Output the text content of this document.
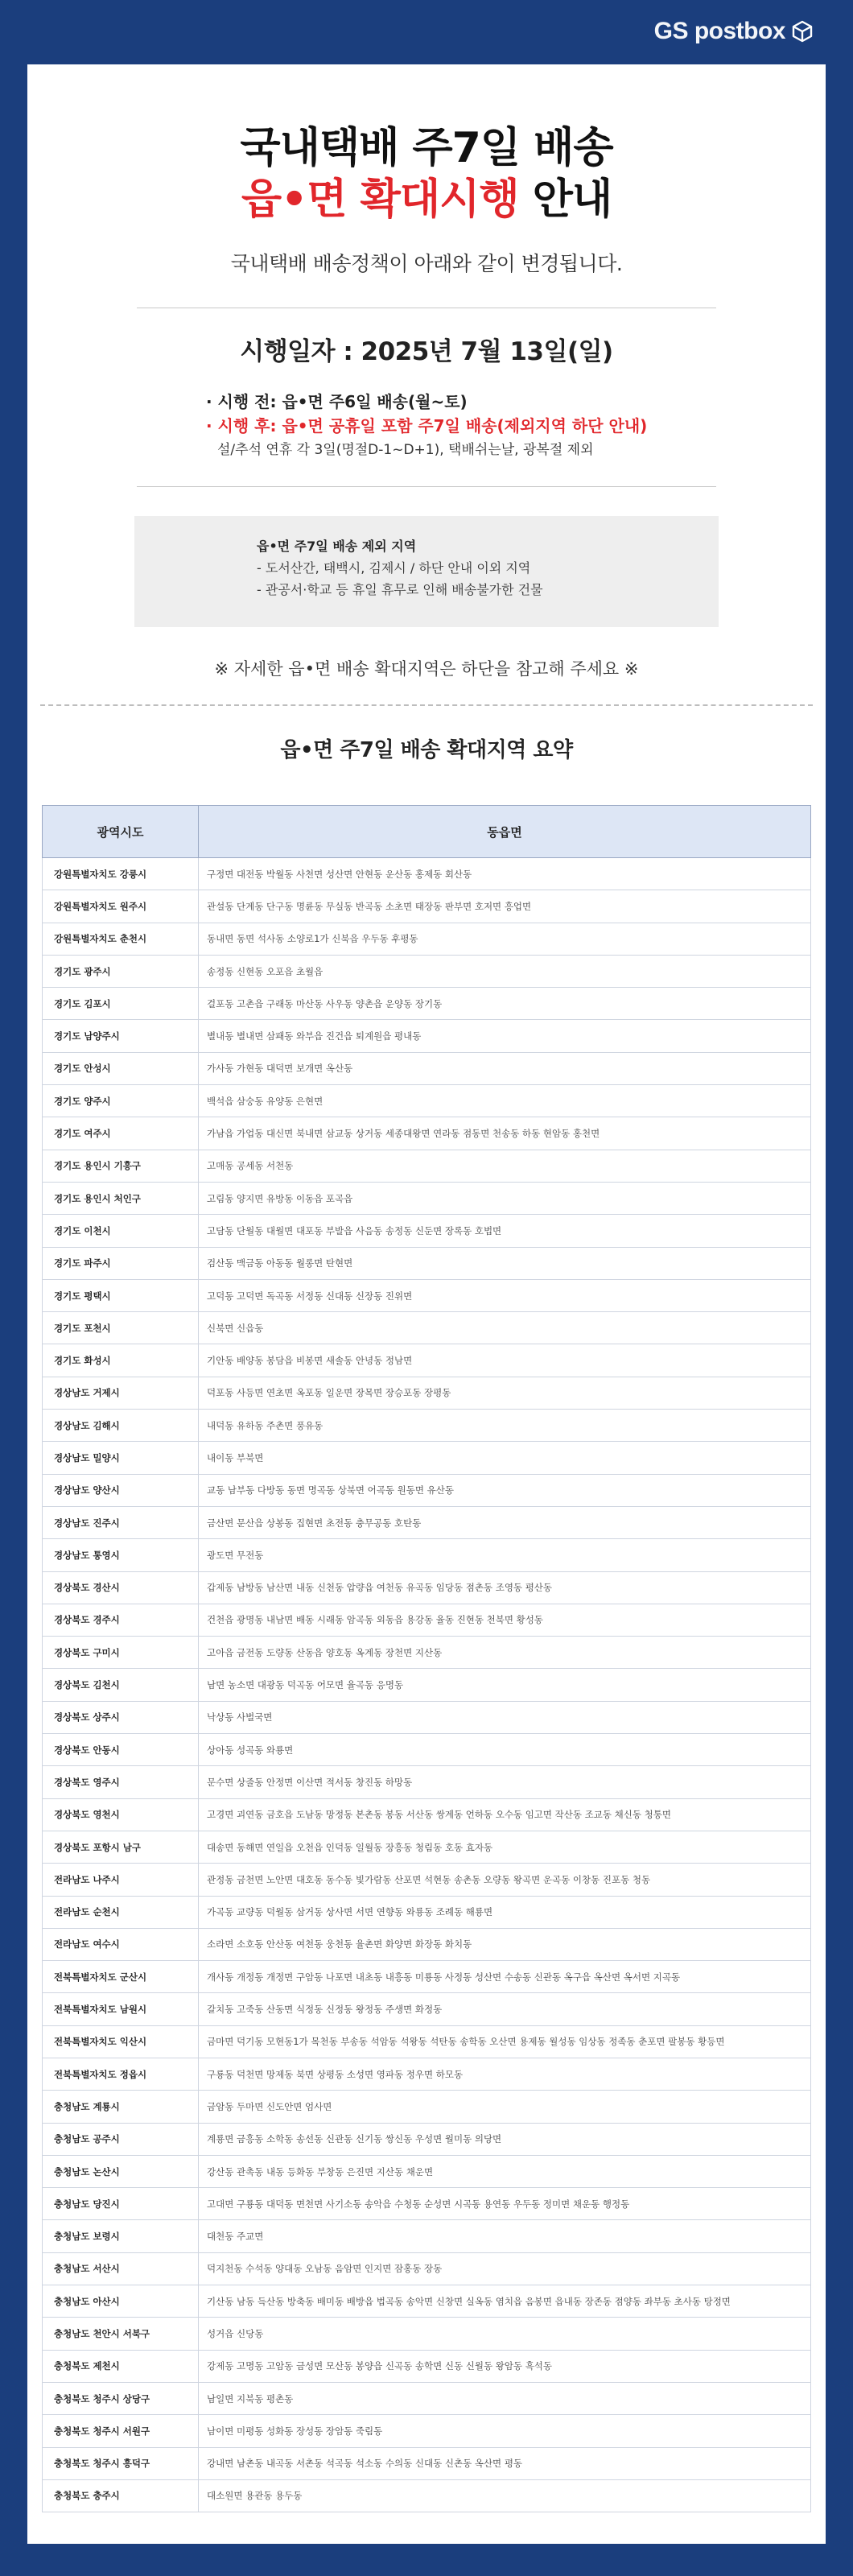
GS postbox
국내택배 주7일 배송
읍•면 확대시행 안내
국내택배 배송정책이 아래와 같이 변경됩니다.
시행일자 : 2025년 7월 13일(일)
· 시행 전: 읍•면 주6일 배송(월~토)
· 시행 후: 읍•면 공휴일 포함 주7일 배송(제외지역 하단 안내)
설/추석 연휴 각 3일(명절D-1~D+1), 택배쉬는날, 광복절 제외
읍•면 주7일 배송 제외 지역
- 도서산간, 태백시, 김제시 / 하단 안내 이외 지역
- 관공서·학교 등 휴일 휴무로 인해 배송불가한 건물
※ 자세한 읍•면 배송 확대지역은 하단을 참고해 주세요 ※
읍•면 주7일 배송 확대지역 요약
광역시도	동읍면
강원특별자치도 강릉시	구정면 대전동 박월동 사천면 성산면 안현동 운산동 홍제동 회산동
강원특별자치도 원주시	관설동 단계동 단구동 명륜동 무실동 반곡동 소초면 태장동 판부면 호저면 흥업면
강원특별자치도 춘천시	동내면 동면 석사동 소양로1가 신북읍 우두동 후평동
경기도 광주시	송정동 신현동 오포읍 초월읍
경기도 김포시	걸포동 고촌읍 구래동 마산동 사우동 양촌읍 운양동 장기동
경기도 남양주시	별내동 별내면 삼패동 와부읍 진건읍 퇴계원읍 평내동
경기도 안성시	가사동 가현동 대덕면 보개면 옥산동
경기도 양주시	백석읍 삼숭동 유양동 은현면
경기도 여주시	가남읍 가업동 대신면 북내면 삼교동 상거동 세종대왕면 연라동 점동면 천송동 하동 현암동 홍천면
경기도 용인시 기흥구	고매동 공세동 서천동
경기도 용인시 처인구	고림동 양지면 유방동 이동읍 포곡읍
경기도 이천시	고담동 단월동 대월면 대포동 부발읍 사음동 송정동 신둔면 장록동 호법면
경기도 파주시	검산동 맥금동 아동동 월롱면 탄현면
경기도 평택시	고덕동 고덕면 독곡동 서정동 신대동 신장동 진위면
경기도 포천시	신북면 신읍동
경기도 화성시	기안동 배양동 봉담읍 비봉면 새솔동 안녕동 정남면
경상남도 거제시	덕포동 사등면 연초면 옥포동 일운면 장목면 장승포동 장평동
경상남도 김해시	내덕동 유하동 주촌면 풍유동
경상남도 밀양시	내이동 부북면
경상남도 양산시	교동 남부동 다방동 동면 명곡동 상북면 어곡동 원동면 유산동
경상남도 진주시	금산면 문산읍 상봉동 집현면 초전동 충무공동 호탄동
경상남도 통영시	광도면 무전동
경상북도 경산시	갑제동 남방동 남산면 내동 신천동 압량읍 여천동 유곡동 임당동 점촌동 조영동 평산동
경상북도 경주시	건천읍 광명동 내남면 배동 시래동 암곡동 외동읍 용강동 율동 진현동 천북면 황성동
경상북도 구미시	고아읍 금전동 도량동 산동읍 양호동 옥계동 장천면 지산동
경상북도 김천시	남면 농소면 대광동 덕곡동 어모면 율곡동 응명동
경상북도 상주시	낙상동 사벌국면
경상북도 안동시	상아동 성곡동 와룡면
경상북도 영주시	문수면 상줄동 안정면 이산면 적서동 창진동 하망동
경상북도 영천시	고경면 괴연동 금호읍 도남동 망정동 본촌동 봉동 서산동 쌍계동 언하동 오수동 임고면 작산동 조교동 채신동 청통면
경상북도 포항시 남구	대송면 동해면 연일읍 오천읍 인덕동 일월동 장흥동 청림동 호동 효자동
전라남도 나주시	관정동 금천면 노안면 대호동 동수동 빛가람동 산포면 석현동 송촌동 오량동 왕곡면 운곡동 이창동 진포동 청동
전라남도 순천시	가곡동 교량동 덕월동 삼거동 상사면 서면 연향동 와룡동 조례동 해룡면
전라남도 여수시	소라면 소호동 안산동 여천동 웅천동 율촌면 화양면 화장동 화치동
전북특별자치도 군산시	개사동 개정동 개정면 구암동 나포면 내초동 내흥동 미룡동 사정동 성산면 수송동 신관동 옥구읍 옥산면 옥서면 지곡동
전북특별자치도 남원시	갈치동 고죽동 산동면 식정동 신정동 왕정동 주생면 화정동
전북특별자치도 익산시	금마면 덕기동 모현동1가 목천동 부송동 석암동 석왕동 석탄동 송학동 오산면 용제동 월성동 임상동 정족동 춘포면 팔봉동 황등면
전북특별자치도 정읍시	구룡동 덕천면 망제동 북면 상평동 소성면 영파동 정우면 하모동
충청남도 계룡시	금암동 두마면 신도안면 엄사면
충청남도 공주시	계룡면 금흥동 소학동 송선동 신관동 신기동 쌍신동 우성면 월미동 의당면
충청남도 논산시	강산동 관촉동 내동 등화동 부창동 은진면 지산동 채운면
충청남도 당진시	고대면 구룡동 대덕동 면천면 사기소동 송악읍 수청동 순성면 시곡동 용연동 우두동 정미면 채운동 행정동
충청남도 보령시	대천동 주교면
충청남도 서산시	덕지천동 수석동 양대동 오남동 음암면 인지면 잠홍동 장동
충청남도 아산시	기산동 남동 득산동 방축동 배미동 배방읍 법곡동 송악면 신창면 실옥동 염치읍 음봉면 읍내동 장존동 점양동 좌부동 초사동 탕정면
충청남도 천안시 서북구	성거읍 신당동
충청북도 제천시	강제동 고명동 고암동 금성면 모산동 봉양읍 신곡동 송학면 신동 신월동 왕암동 흑석동
충청북도 청주시 상당구	남일면 지북동 평촌동
충청북도 청주시 서원구	남이면 미평동 성화동 장성동 장암동 죽림동
충청북도 청주시 흥덕구	강내면 남촌동 내곡동 서촌동 석곡동 석소동 수의동 신대동 신촌동 옥산면 평동
충청북도 충주시	대소원면 용관동 용두동
